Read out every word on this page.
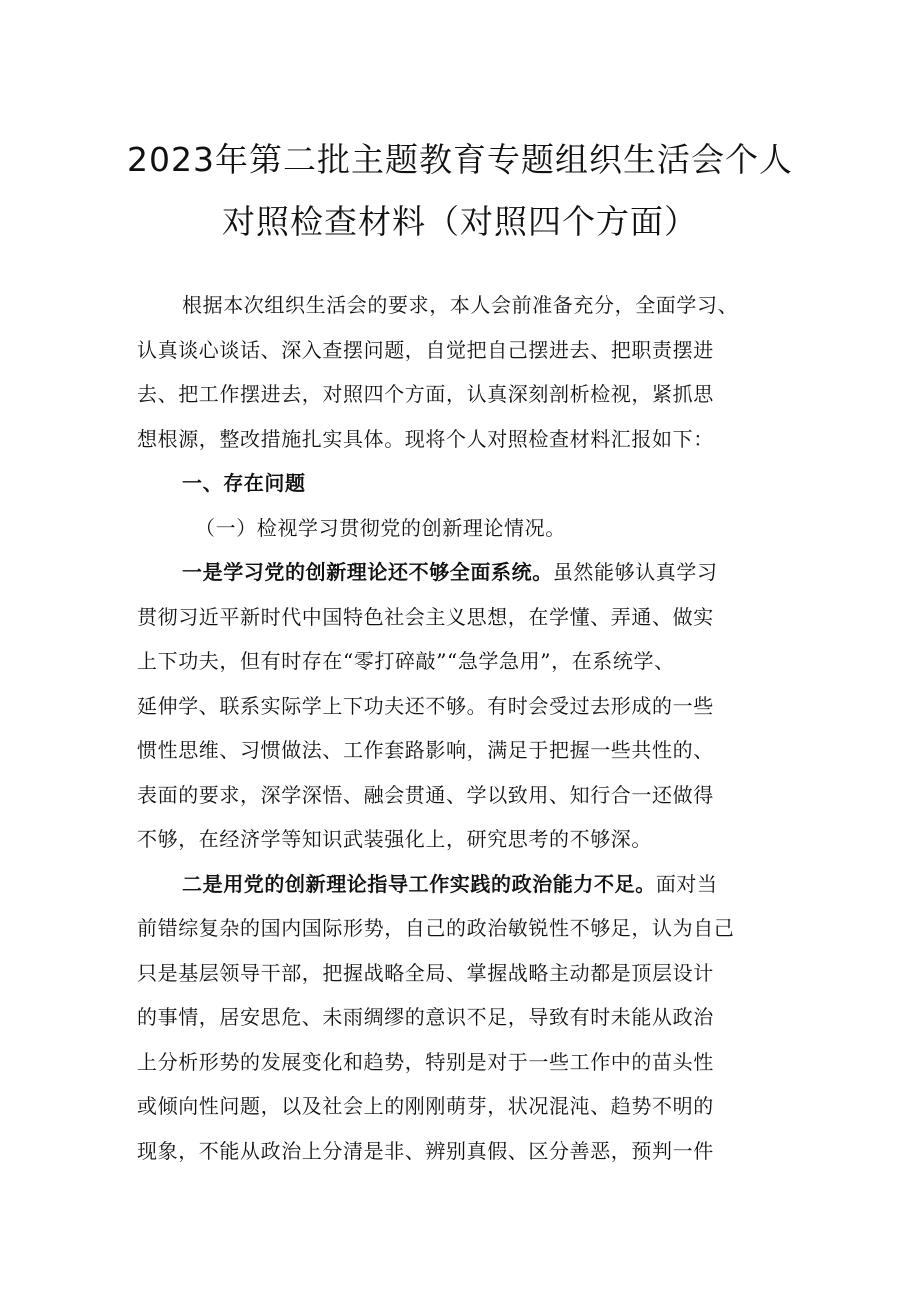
2023年第二批主题教育专题组织生活会个人
对照检查材料（对照四个方面）
根据本次组织生活会的要求，本人会前准备充分，全面学习、
认真谈心谈话、深入查摆问题，自觉把自己摆进去、把职责摆进
去、把工作摆进去，对照四个方面，认真深刻剖析检视，紧抓思
想根源，整改措施扎实具体。现将个人对照检查材料汇报如下：
一、存在问题
（一）检视学习贯彻党的创新理论情况。
一是学习党的创新理论还不够全面系统。虽然能够认真学习
贯彻习近平新时代中国特色社会主义思想，在学懂、弄通、做实
上下功夫，但有时存在“零打碎敲”“急学急用”，在系统学、
延伸学、联系实际学上下功夫还不够。有时会受过去形成的一些
惯性思维、习惯做法、工作套路影响，满足于把握一些共性的、
表面的要求，深学深悟、融会贯通、学以致用、知行合一还做得
不够，在经济学等知识武装强化上，研究思考的不够深。
二是用党的创新理论指导工作实践的政治能力不足。面对当
前错综复杂的国内国际形势，自己的政治敏锐性不够足，认为自己
只是基层领导干部，把握战略全局、掌握战略主动都是顶层设计
的事情，居安思危、未雨绸缪的意识不足，导致有时未能从政治
上分析形势的发展变化和趋势，特别是对于一些工作中的苗头性
或倾向性问题，以及社会上的刚刚萌芽，状况混沌、趋势不明的
现象，不能从政治上分清是非、辨别真假、区分善恶，预判一件
